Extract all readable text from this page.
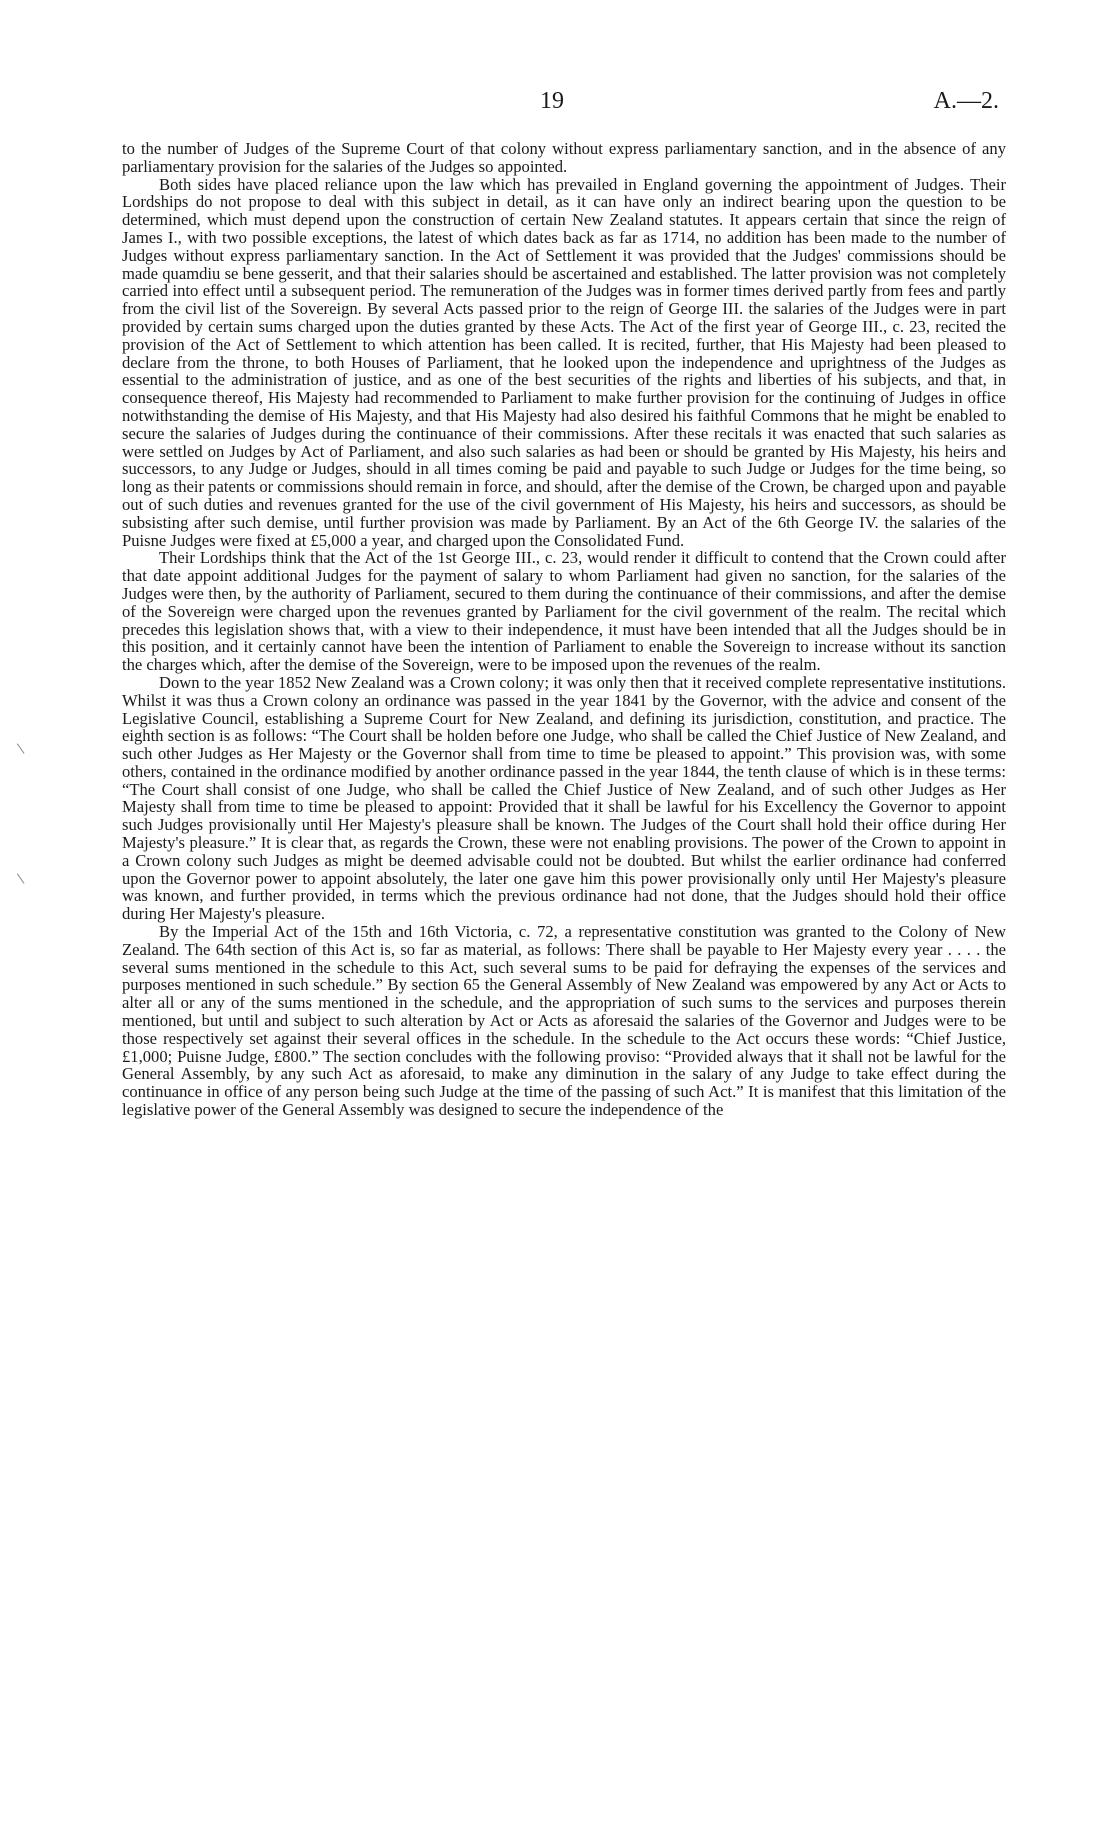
19	A.—2.

to the number of Judges of the Supreme Court of that colony without express parliamentary sanction, and in the absence of any parliamentary provision for the salaries of the Judges so appointed.

Both sides have placed reliance upon the law which has prevailed in England governing the appointment of Judges. Their Lordships do not propose to deal with this subject in detail, as it can have only an indirect bearing upon the question to be determined, which must depend upon the construction of certain New Zealand statutes. It appears certain that since the reign of James I., with two possible exceptions, the latest of which dates back as far as 1714, no addition has been made to the number of Judges without express parliamentary sanction. In the Act of Settlement it was provided that the Judges' commissions should be made quamdiu se bene gesserit, and that their salaries should be ascertained and established. The latter provision was not completely carried into effect until a subsequent period. The remuneration of the Judges was in former times derived partly from fees and partly from the civil list of the Sovereign. By several Acts passed prior to the reign of George III. the salaries of the Judges were in part provided by certain sums charged upon the duties granted by these Acts. The Act of the first year of George III., c. 23, recited the provision of the Act of Settlement to which attention has been called. It is recited, further, that His Majesty had been pleased to declare from the throne, to both Houses of Parliament, that he looked upon the independence and uprightness of the Judges as essential to the administration of justice, and as one of the best securities of the rights and liberties of his subjects, and that, in consequence thereof, His Majesty had recommended to Parliament to make further provision for the continuing of Judges in office notwithstanding the demise of His Majesty, and that His Majesty had also desired his faithful Commons that he might be enabled to secure the salaries of Judges during the continuance of their commissions. After these recitals it was enacted that such salaries as were settled on Judges by Act of Parliament, and also such salaries as had been or should be granted by His Majesty, his heirs and successors, to any Judge or Judges, should in all times coming be paid and payable to such Judge or Judges for the time being, so long as their patents or commissions should remain in force, and should, after the demise of the Crown, be charged upon and payable out of such duties and revenues granted for the use of the civil government of His Majesty, his heirs and successors, as should be subsisting after such demise, until further provision was made by Parliament. By an Act of the 6th George IV. the salaries of the Puisne Judges were fixed at £5,000 a year, and charged upon the Consolidated Fund.

Their Lordships think that the Act of the 1st George III., c. 23, would render it difficult to contend that the Crown could after that date appoint additional Judges for the payment of salary to whom Parliament had given no sanction, for the salaries of the Judges were then, by the authority of Parliament, secured to them during the continuance of their commissions, and after the demise of the Sovereign were charged upon the revenues granted by Parliament for the civil government of the realm. The recital which precedes this legislation shows that, with a view to their independence, it must have been intended that all the Judges should be in this position, and it certainly cannot have been the intention of Parliament to enable the Sovereign to increase without its sanction the charges which, after the demise of the Sovereign, were to be imposed upon the revenues of the realm.

Down to the year 1852 New Zealand was a Crown colony; it was only then that it received complete representative institutions. Whilst it was thus a Crown colony an ordinance was passed in the year 1841 by the Governor, with the advice and consent of the Legislative Council, establishing a Supreme Court for New Zealand, and defining its jurisdiction, constitution, and practice. The eighth section is as follows: “The Court shall be holden before one Judge, who shall be called the Chief Justice of New Zealand, and such other Judges as Her Majesty or the Governor shall from time to time be pleased to appoint.” This provision was, with some others, contained in the ordinance modified by another ordinance passed in the year 1844, the tenth clause of which is in these terms: “The Court shall consist of one Judge, who shall be called the Chief Justice of New Zealand, and of such other Judges as Her Majesty shall from time to time be pleased to appoint: Provided that it shall be lawful for his Excellency the Governor to appoint such Judges provisionally until Her Majesty's pleasure shall be known. The Judges of the Court shall hold their office during Her Majesty's pleasure.” It is clear that, as regards the Crown, these were not enabling provisions. The power of the Crown to appoint in a Crown colony such Judges as might be deemed advisable could not be doubted. But whilst the earlier ordinance had conferred upon the Governor power to appoint absolutely, the later one gave him this power provisionally only until Her Majesty's pleasure was known, and further provided, in terms which the previous ordinance had not done, that the Judges should hold their office during Her Majesty's pleasure.

By the Imperial Act of the 15th and 16th Victoria, c. 72, a representative constitution was granted to the Colony of New Zealand. The 64th section of this Act is, so far as material, as follows: There shall be payable to Her Majesty every year . . . . the several sums mentioned in the schedule to this Act, such several sums to be paid for defraying the expenses of the services and purposes mentioned in such schedule.” By section 65 the General Assembly of New Zealand was empowered by any Act or Acts to alter all or any of the sums mentioned in the schedule, and the appropriation of such sums to the services and purposes therein mentioned, but until and subject to such alteration by Act or Acts as aforesaid the salaries of the Governor and Judges were to be those respectively set against their several offices in the schedule. In the schedule to the Act occurs these words: “Chief Justice, £1,000; Puisne Judge, £800.” The section concludes with the following proviso: “Provided always that it shall not be lawful for the General Assembly, by any such Act as aforesaid, to make any diminution in the salary of any Judge to take effect during the continuance in office of any person being such Judge at the time of the passing of such Act.” It is manifest that this limitation of the legislative power of the General Assembly was designed to secure the independence of the
